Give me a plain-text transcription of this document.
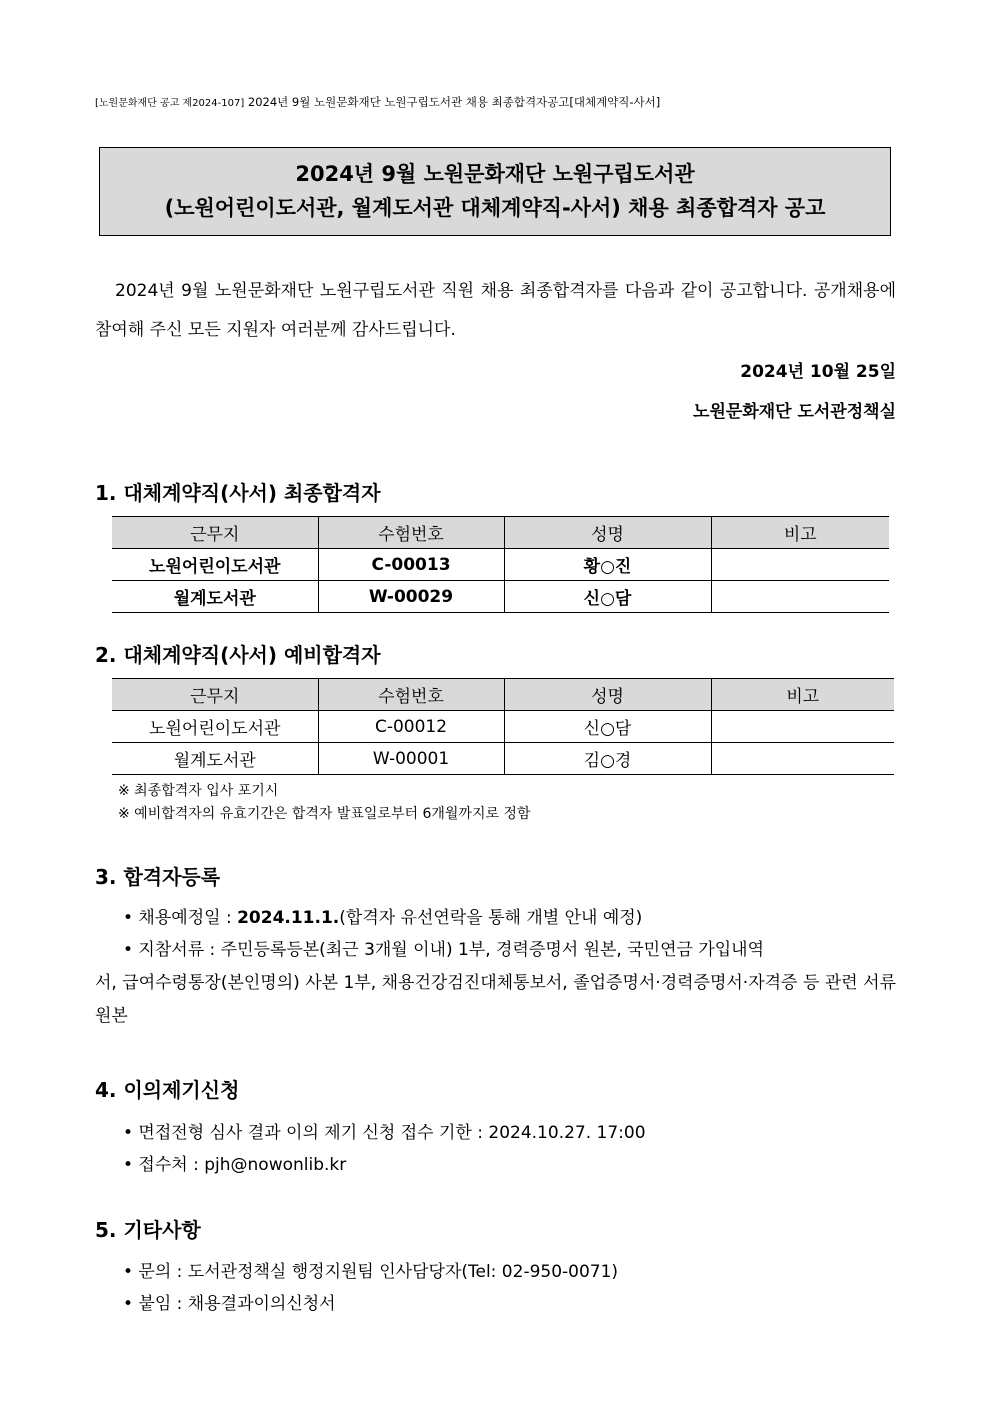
[노원문화재단 공고 제2024-107] 2024년 9월 노원문화재단 노원구립도서관 채용 최종합격자공고[대체계약직-사서]
2024년 9월 노원문화재단 노원구립도서관
(노원어린이도서관, 월계도서관 대체계약직-사서) 채용 최종합격자 공고
2024년 9월 노원문화재단 노원구립도서관 직원 채용 최종합격자를 다음과 같이 공고합니다. 공개채용에 참여해 주신 모든 지원자 여러분께 감사드립니다.
2024년 10월 25일
노원문화재단 도서관정책실
1. 대체계약직(사서) 최종합격자
근무지	수험번호	성명	비고
노원어린이도서관	C-00013	황○진	
월계도서관	W-00029	신○담	
2. 대체계약직(사서) 예비합격자
근무지	수험번호	성명	비고
노원어린이도서관	C-00012	신○담	
월계도서관	W-00001	김○경	
※ 최종합격자 입사 포기시
※ 예비합격자의 유효기간은 합격자 발표일로부터 6개월까지로 정함
3. 합격자등록
• 채용예정일 : 2024.11.1.(합격자 유선연락을 통해 개별 안내 예정)
• 지참서류 : 주민등록등본(최근 3개월 이내) 1부, 경력증명서 원본, 국민연금 가입내역
서, 급여수령통장(본인명의) 사본 1부, 채용건강검진대체통보서, 졸업증명서·경력증명서·자격증 등 관련 서류 원본
4. 이의제기신청
• 면접전형 심사 결과 이의 제기 신청 접수 기한 : 2024.10.27. 17:00
• 접수처 : pjh@nowonlib.kr
5. 기타사항
• 문의 : 도서관정책실 행정지원팀 인사담당자(Tel: 02-950-0071)
• 붙임 : 채용결과이의신청서
